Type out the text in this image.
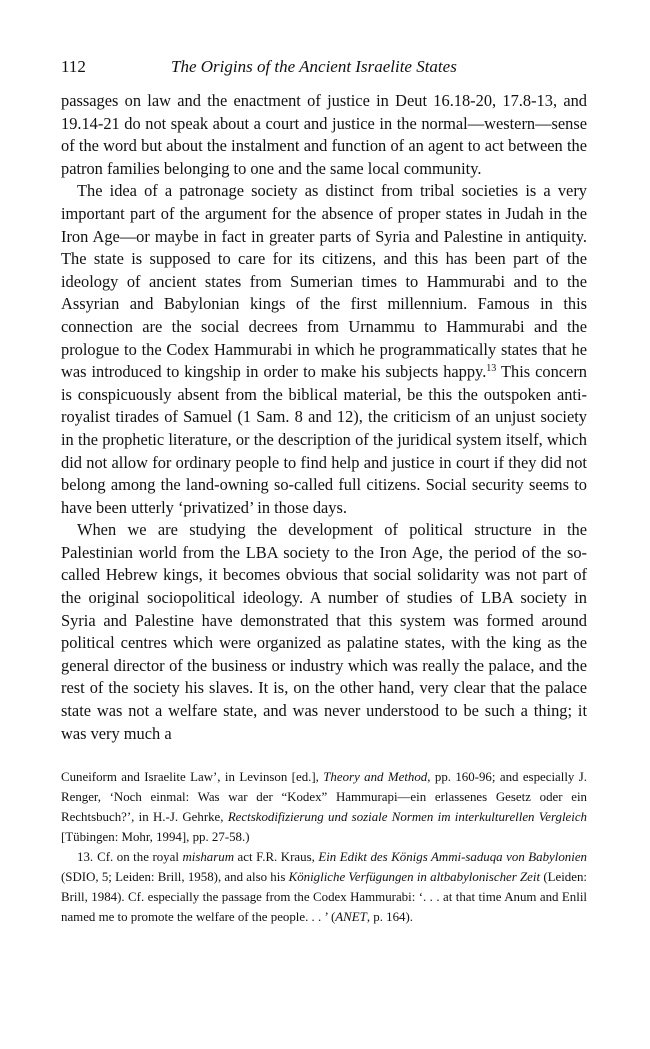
112	The Origins of the Ancient Israelite States

passages on law and the enactment of justice in Deut 16.18-20, 17.8-13, and 19.14-21 do not speak about a court and justice in the normal—western—sense of the word but about the instalment and function of an agent to act between the patron families belonging to one and the same local community.

The idea of a patronage society as distinct from tribal societies is a very important part of the argument for the absence of proper states in Judah in the Iron Age—or maybe in fact in greater parts of Syria and Palestine in antiquity. The state is supposed to care for its citizens, and this has been part of the ideology of ancient states from Sumerian times to Hammurabi and to the Assyrian and Babylonian kings of the first millennium. Famous in this connection are the social decrees from Urnammu to Hammurabi and the prologue to the Codex Hammurabi in which he programmatically states that he was introduced to kingship in order to make his subjects happy.$^{13}$ This concern is conspicuously absent from the biblical material, be this the outspoken anti-royalist tirades of Samuel (1 Sam. 8 and 12), the criticism of an unjust society in the prophetic literature, or the description of the juridical system itself, which did not allow for ordinary people to find help and justice in court if they did not belong among the land-owning so-called full citizens. Social security seems to have been utterly ‘privatized’ in those days.

When we are studying the development of political structure in the Palestinian world from the LBA society to the Iron Age, the period of the so-called Hebrew kings, it becomes obvious that social solidarity was not part of the original sociopolitical ideology. A number of studies of LBA society in Syria and Palestine have demonstrated that this system was formed around political centres which were organized as palatine states, with the king as the general director of the business or industry which was really the palace, and the rest of the society his slaves. It is, on the other hand, very clear that the palace state was not a welfare state, and was never understood to be such a thing; it was very much a

Cuneiform and Israelite Law’, in Levinson [ed.], Theory and Method, pp. 160-96; and especially J. Renger, ‘Noch einmal: Was war der “Kodex” Hammurapi—ein erlassenes Gesetz oder ein Rechtsbuch?’, in H.-J. Gehrke, Rectskodifizierung und soziale Normen im interkulturellen Vergleich [Tübingen: Mohr, 1994], pp. 27-58.)

13. Cf. on the royal misharum act F.R. Kraus, Ein Edikt des Königs Ammi-saduqa von Babylonien (SDIO, 5; Leiden: Brill, 1958), and also his Königliche Verfügungen in altbabylonischer Zeit (Leiden: Brill, 1984). Cf. especially the passage from the Codex Hammurabi: ‘. . . at that time Anum and Enlil named me to promote the welfare of the people. . . ’ (ANET, p. 164).
